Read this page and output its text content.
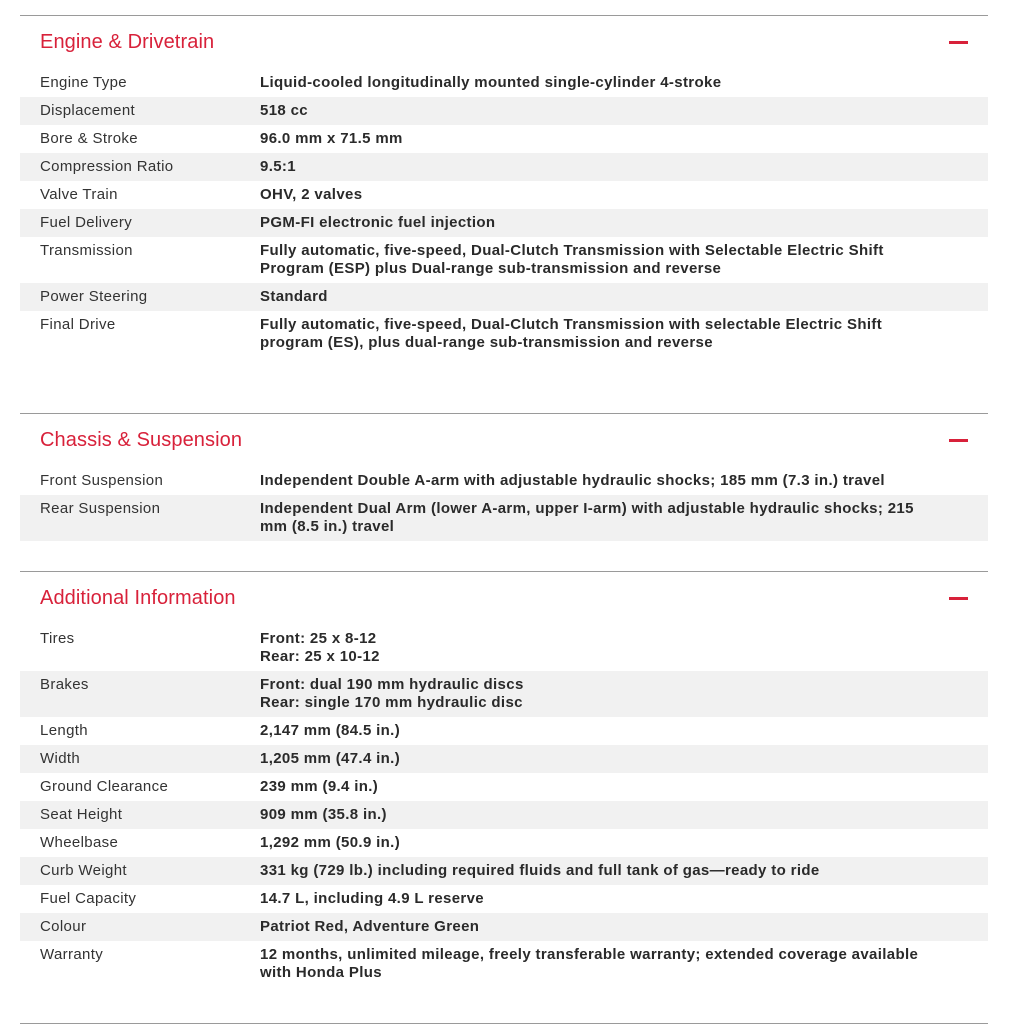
Engine & Drivetrain
Engine Type	Liquid-cooled longitudinally mounted single-cylinder 4-stroke
Displacement	518 cc
Bore & Stroke	96.0 mm x 71.5 mm
Compression Ratio	9.5:1
Valve Train	OHV, 2 valves
Fuel Delivery	PGM-FI electronic fuel injection
Transmission	Fully automatic, five-speed, Dual-Clutch Transmission with Selectable Electric Shift
Program (ESP) plus Dual-range sub-transmission and reverse
Power Steering	Standard
Final Drive	Fully automatic, five-speed, Dual-Clutch Transmission with selectable Electric Shift
program (ES), plus dual-range sub-transmission and reverse
Chassis & Suspension
Front Suspension	Independent Double A-arm with adjustable hydraulic shocks; 185 mm (7.3 in.) travel
Rear Suspension	Independent Dual Arm (lower A-arm, upper I-arm) with adjustable hydraulic shocks; 215
mm (8.5 in.) travel
Additional Information
Tires	Front: 25 x 8-12
Rear: 25 x 10-12
Brakes	Front: dual 190 mm hydraulic discs
Rear: single 170 mm hydraulic disc
Length	2,147 mm (84.5 in.)
Width	1,205 mm (47.4 in.)
Ground Clearance	239 mm (9.4 in.)
Seat Height	909 mm (35.8 in.)
Wheelbase	1,292 mm (50.9 in.)
Curb Weight	331 kg (729 lb.) including required fluids and full tank of gas—ready to ride
Fuel Capacity	14.7 L, including 4.9 L reserve
Colour	Patriot Red, Adventure Green
Warranty	12 months, unlimited mileage, freely transferable warranty; extended coverage available
with Honda Plus
